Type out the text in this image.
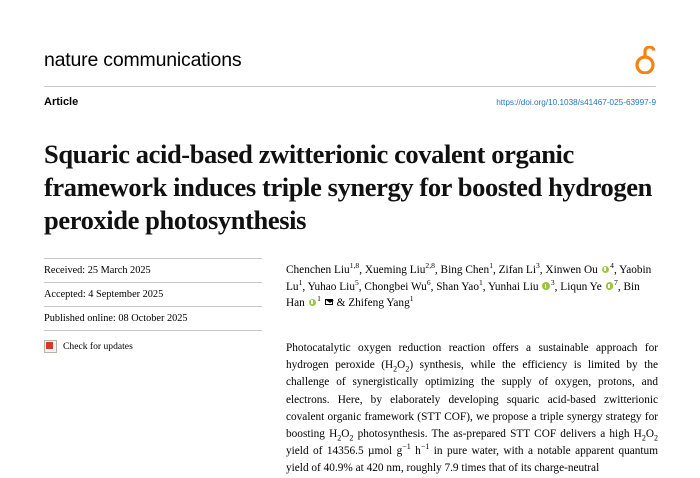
nature communications
Article	https://doi.org/10.1038/s41467-025-63997-9
Squaric acid-based zwitterionic covalent organic framework induces triple synergy for boosted hydrogen peroxide photosynthesis
Received: 25 March 2025
Accepted: 4 September 2025
Published online: 08 October 2025
Check for updates
Chenchen Liu$^{1,8}$, Xueming Liu$^{2,8}$, Bing Chen$^1$, Zifan Li$^3$, Xinwen Ou $^4$, Yaobin Lu$^1$, Yuhao Liu$^5$, Chongbei Wu$^6$, Shan Yao$^1$, Yunhai Liu $^3$, Liqun Ye $^7$, Bin Han $^1$  & Zhifeng Yang$^1$
Photocatalytic oxygen reduction reaction offers a sustainable approach for hydrogen peroxide $(H_2O_2)$ synthesis, while the efficiency is limited by the challenge of synergistically optimizing the supply of oxygen, protons, and electrons. Here, by elaborately developing squaric acid-based zwitterionic covalent organic framework (STT COF), we propose a triple synergy strategy for boosting $H_2O_2$ photosynthesis. The as-prepared STT COF delivers a high $H_2O_2$ yield of 14356.5 µmol $g^{-1}$ $h^{-1}$ in pure water, with a notable apparent quantum yield of 40.9% at 420 nm, roughly 7.9 times that of its charge-neutral
